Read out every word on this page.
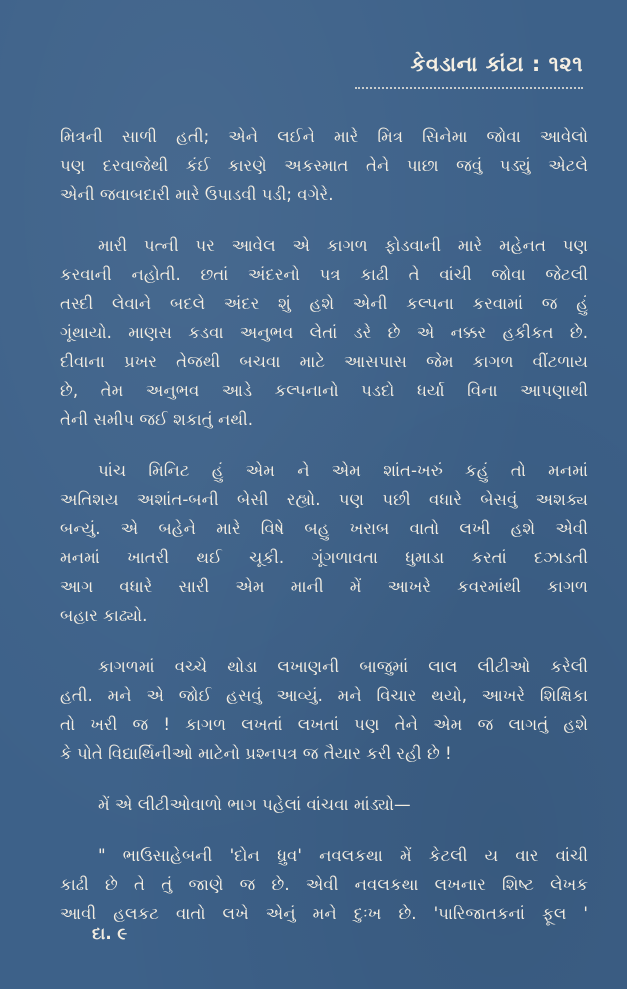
કેવડાના કાંટા : ૧૨૧

મિત્રની સાળી હતી; એને લઈને મારે મિત્ર સિનેમા જોવા આવેલો
પણ દરવાજેથી કંઈ કારણે અકસ્માત તેને પાછા જવું પડ્યું એટલે
એની જવાબદારી મારે ઉપાડવી પડી; વગેરે.

મારી પત્ની પર આવેલ એ કાગળ ફોડવાની મારે મહેનત પણ
કરવાની નહોતી. છતાં અંદરનો પત્ર કાઢી તે વાંચી જોવા જેટલી
તસ્દી લેવાને બદલે અંદર શું હશે એની કલ્પના કરવામાં જ હું
ગૂંથાયો. માણસ કડવા અનુભવ લેતાં ડરે છે એ નક્કર હકીકત છે.
દીવાના પ્રખર તેજથી બચવા માટે આસપાસ જેમ કાગળ વીંટળાય
છે, તેમ અનુભવ આડે કલ્પનાનો પડદો ધર્યા વિના આપણાથી
તેની સમીપ જઈ શકાતું નથી.

પાંચ મિનિટ હું એમ ને એમ શાંત-ખરું કહું તો મનમાં
અતિશય અશાંત-બની બેસી રહ્યો. પણ પછી વધારે બેસવું અશક્ય
બન્યું. એ બહેને મારે વિષે બહુ ખરાબ વાતો લખી હશે એવી
મનમાં ખાતરી થઈ ચૂકી. ગૂંગળાવતા ધુમાડા કરતાં દઝાડતી
આગ વધારે સારી એમ માની મેં આખરે કવરમાંથી કાગળ
બહાર કાઢ્યો.

કાગળમાં વચ્ચે થોડા લખાણની બાજુમાં લાલ લીટીઓ કરેલી
હતી. મને એ જોઈ હસવું આવ્યું. મને વિચાર થયો, આખરે શિક્ષિકા
તો ખરી જ ! કાગળ લખતાં લખતાં પણ તેને એમ જ લાગતું હશે
કે પોતે વિદ્યાર્થિનીઓ માટેનો પ્રશ્નપત્ર જ તૈયાર કરી રહી છે !

મેં એ લીટીઓવાળો ભાગ પહેલાં વાંચવા માંડ્યો—

" ભાઉસાહેબની 'દોન ધ્રુવ' નવલકથા મેં કેટલી ય વાર વાંચી
કાઢી છે તે તું જાણે જ છે. એવી નવલકથા લખનાર શિષ્ટ લેખક
આવી હલકટ વાતો લખે એનું મને દુઃખ છે. 'પારિજાતકનાં ફૂલ '

દા. ૯
